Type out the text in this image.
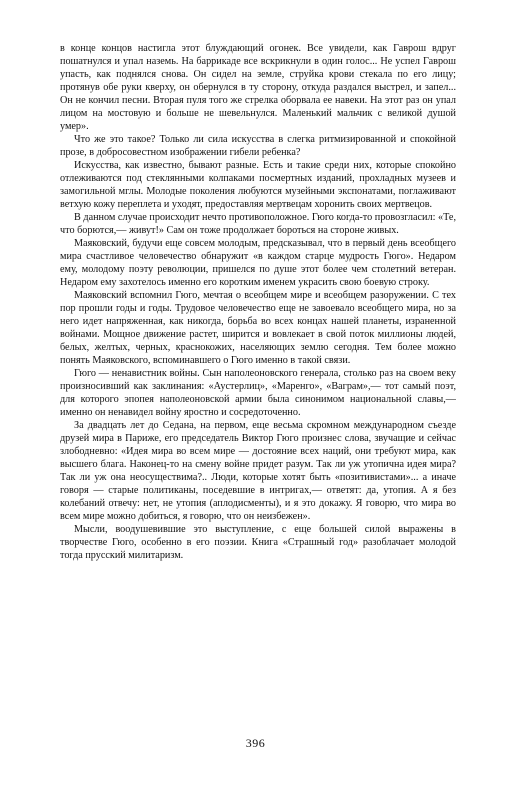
в конце концов настигла этот блуждающий огонек. Все увидели, как Гаврош вдруг пошатнулся и упал наземь. На баррикаде все вскрикнули в один голос... Не успел Гаврош упасть, как поднялся снова. Он сидел на земле, струйка крови стекала по его лицу; протянув обе руки кверху, он обернулся в ту сторону, откуда раздался выстрел, и запел... Он не кончил песни. Вторая пуля того же стрелка оборвала ее навеки. На этот раз он упал лицом на мостовую и больше не шевельнулся. Маленький мальчик с великой душой умер».

Что же это такое? Только ли сила искусства в слегка ритмизированной и спокойной прозе, в добросовестном изображении гибели ребенка?

Искусства, как известно, бывают разные. Есть и такие среди них, которые спокойно отлеживаются под стеклянными колпаками посмертных изданий, прохладных музеев и замогильной мглы. Молодые поколения любуются музейными экспонатами, поглаживают ветхую кожу переплета и уходят, предоставляя мертвецам хоронить своих мертвецов.

В данном случае происходит нечто противоположное. Гюго когда-то провозгласил: «Те, что борются,— живут!» Сам он тоже продолжает бороться на стороне живых.

Маяковский, будучи еще совсем молодым, предсказывал, что в первый день всеобщего мира счастливое человечество обнаружит «в каждом старце мудрость Гюго». Недаром ему, молодому поэту революции, пришелся по душе этот более чем столетний ветеран. Недаром ему захотелось именно его коротким именем украсить свою боевую строку.

Маяковский вспомнил Гюго, мечтая о всеобщем мире и всеобщем разоружении. С тех пор прошли годы и годы. Трудовое человечество еще не завоевало всеобщего мира, но за него идет напряженная, как никогда, борьба во всех концах нашей планеты, израненной войнами. Мощное движение растет, ширится и вовлекает в свой поток миллионы людей, белых, желтых, черных, краснокожих, населяющих землю сегодня. Тем более можно понять Маяковского, вспоминавшего о Гюго именно в такой связи.

Гюго — ненавистник войны. Сын наполеоновского генерала, столько раз на своем веку произносивший как заклинания: «Аустерлиц», «Маренго», «Ваграм»,— тот самый поэт, для которого эпопея наполеоновской армии была синонимом национальной славы,— именно он ненавидел войну яростно и сосредоточенно.

За двадцать лет до Седана, на первом, еще весьма скромном международном съезде друзей мира в Париже, его председатель Виктор Гюго произнес слова, звучащие и сейчас злободневно: «Идея мира во всем мире — достояние всех наций, они требуют мира, как высшего блага. Наконец-то на смену войне придет разум. Так ли уж утопична идея мира? Так ли уж она неосуществима?.. Люди, которые хотят быть «позитивистами»... а иначе говоря — старые политиканы, поседевшие в интригах,— ответят: да, утопия. А я без колебаний отвечу: нет, не утопия (аплодисменты), и я это докажу. Я говорю, что мира во всем мире можно добиться, я говорю, что он неизбежен».

Мысли, воодушевившие это выступление, с еще большей силой выражены в творчестве Гюго, особенно в его поэзии. Книга «Страшный год» разоблачает молодой тогда прусский милитаризм.

396
